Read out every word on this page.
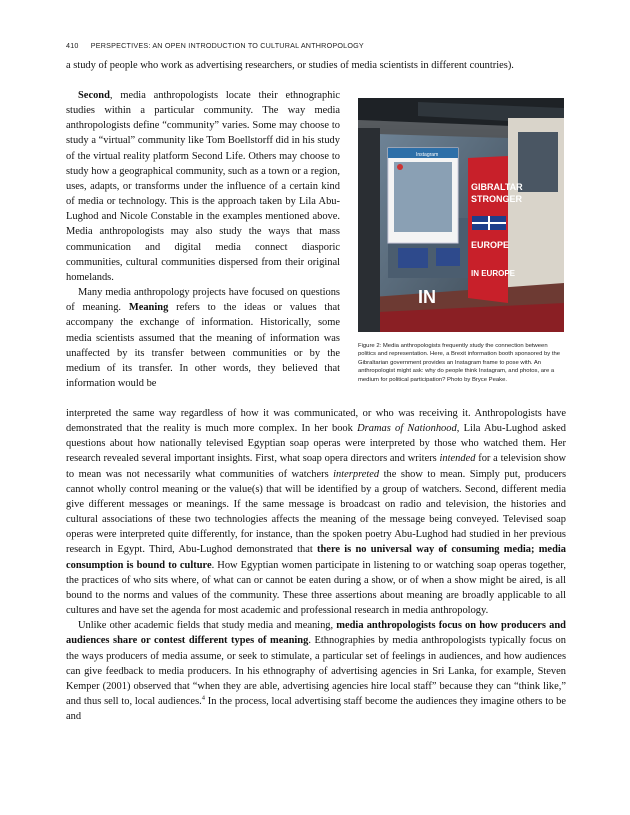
410 PERSPECTIVES: AN OPEN INTRODUCTION TO CULTURAL ANTHROPOLOGY

a study of people who work as advertising researchers, or studies of media scientists in different countries).

Second, media anthropologists locate their ethnographic studies within a particular community. The way media anthropologists define “community” varies. Some may choose to study a “virtual” community like Tom Boellstorff did in his study of the virtual reality platform Second Life. Others may choose to study how a geographical community, such as a town or a region, uses, adapts, or transforms under the influence of a certain kind of media or technology. This is the approach taken by Lila Abu-Lughod and Nicole Constable in the examples mentioned above. Media anthropologists may also study the ways that mass communication and digital media connect diasporic communities, cultural communities dispersed from their original homelands.

Many media anthropology projects have focused on questions of meaning. Meaning refers to the ideas or values that accompany the exchange of information. Historically, some media scientists assumed that the meaning of information was unaffected by its transfer between communities or by the medium of its transfer. In other words, they believed that information would be

Instagram
GIBRALTAR
STRONGER
EUROPE
IN EUROPE
IN
Figure 2: Media anthropologists frequently study the connection between politics and representation. Here, a Brexit information booth sponsored by the Gibraltarian government provides an Instagram frame to pose with. An anthropologist might ask: why do people think Instagram, and photos, are a medium for political participation? Photo by Bryce Peake.

interpreted the same way regardless of how it was communicated, or who was receiving it. Anthropologists have demonstrated that the reality is much more complex. In her book Dramas of Nationhood, Lila Abu-Lughod asked questions about how nationally televised Egyptian soap operas were interpreted by those who watched them. Her research revealed several important insights. First, what soap opera directors and writers intended for a television show to mean was not necessarily what communities of watchers interpreted the show to mean. Simply put, producers cannot wholly control meaning or the value(s) that will be identified by a group of watchers. Second, different media give different messages or meanings. If the same message is broadcast on radio and television, the histories and cultural associations of these two technologies affects the meaning of the message being conveyed. Televised soap operas were interpreted quite differently, for instance, than the spoken poetry Abu-Lughod had studied in her previous research in Egypt. Third, Abu-Lughod demonstrated that there is no universal way of consuming media; media consumption is bound to culture. How Egyptian women participate in listening to or watching soap operas together, the practices of who sits where, of what can or cannot be eaten during a show, or of when a show might be aired, is all bound to the norms and values of the community. These three assertions about meaning are broadly applicable to all cultures and have set the agenda for most academic and professional research in media anthropology.

Unlike other academic fields that study media and meaning, media anthropologists focus on how producers and audiences share or contest different types of meaning. Ethnographies by media anthropologists typically focus on the ways producers of media assume, or seek to stimulate, a particular set of feelings in audiences, and how audiences can give feedback to media producers. In his ethnography of advertising agencies in Sri Lanka, for example, Steven Kemper (2001) observed that “when they are able, advertising agencies hire local staff” because they can “think like,” and thus sell to, local audiences.$^4$ In the process, local advertising staff become the audiences they imagine others to be and
